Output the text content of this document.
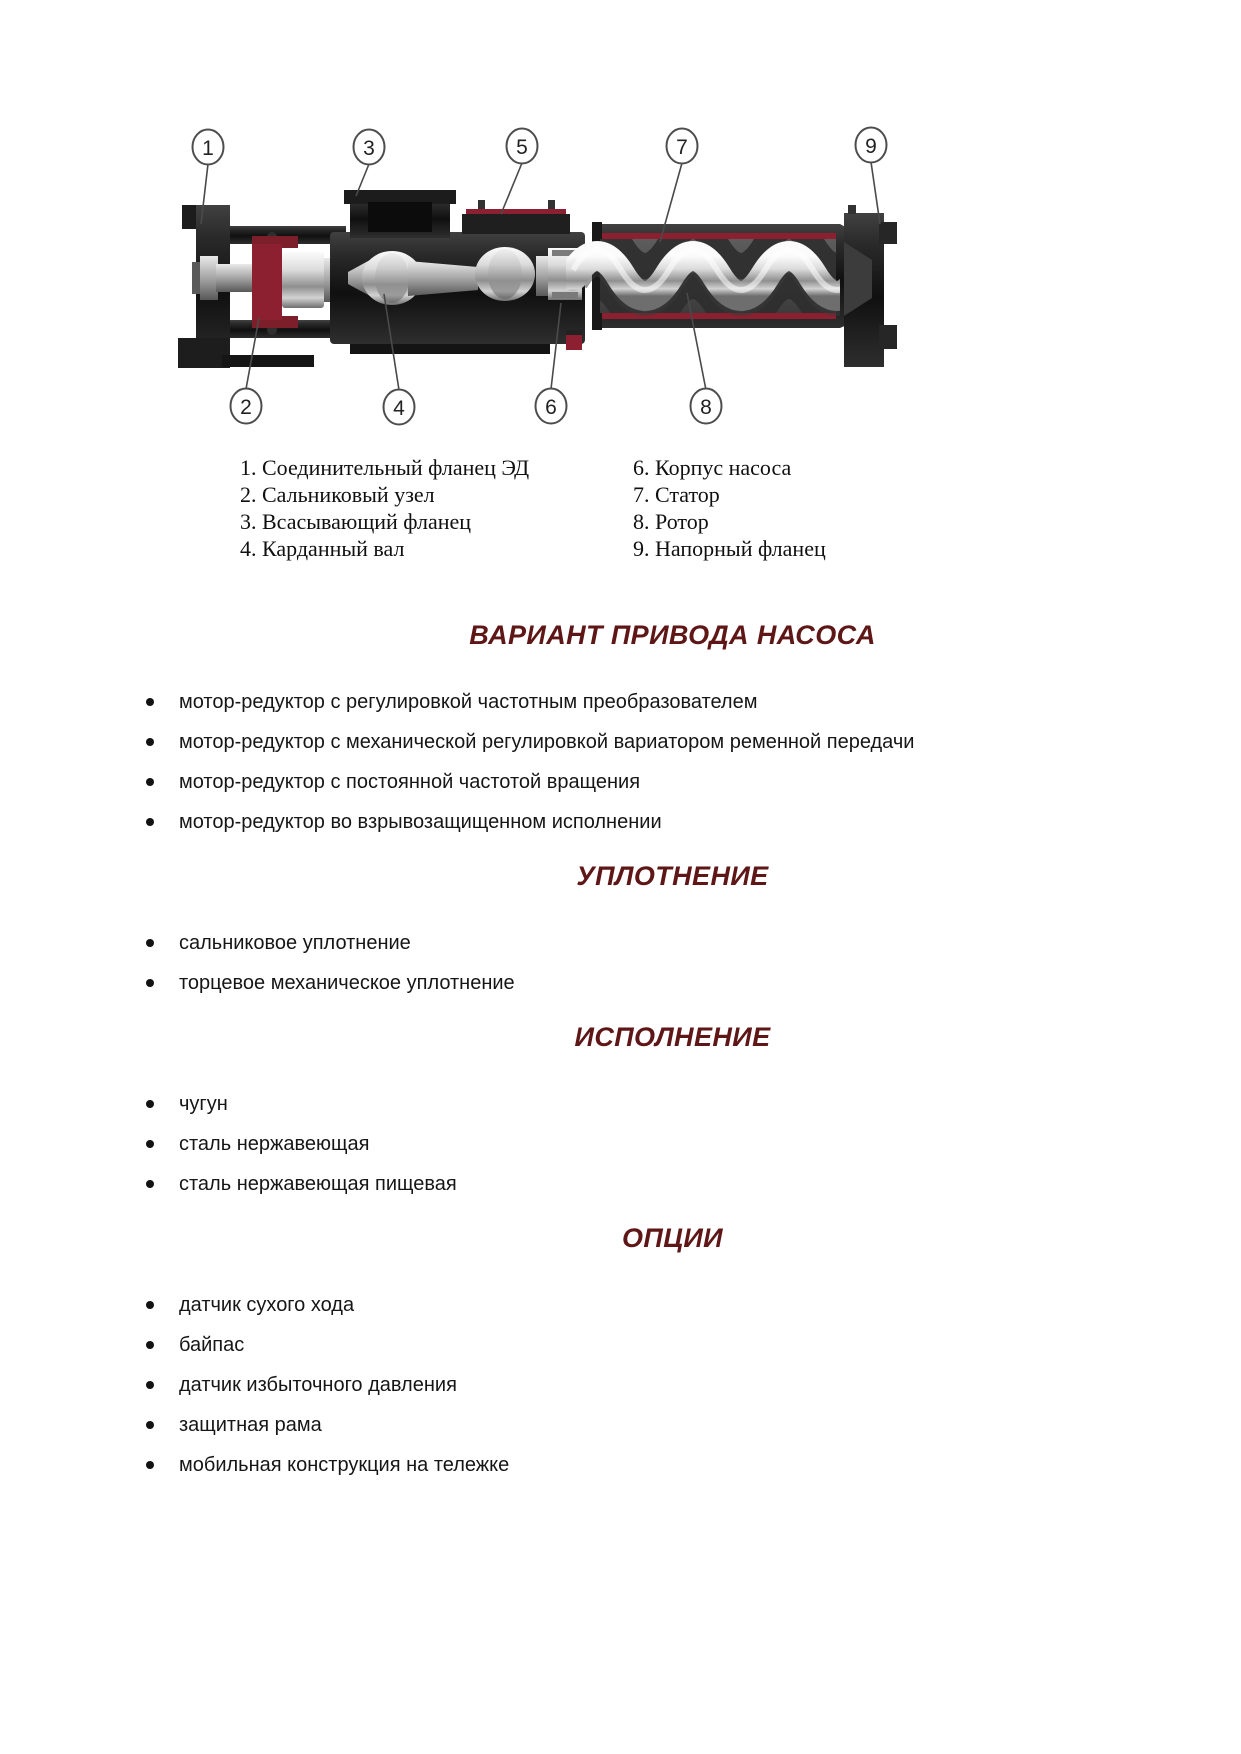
1	3	5	7	9
2	4	6	8
1. Соединительный фланец ЭД
2. Сальниковый узел
3. Всасывающий фланец
4. Карданный вал
6. Корпус насоса
7. Статор
8. Ротор
9. Напорный фланец
ВАРИАНТ ПРИВОДА НАСОСА
мотор-редуктор с регулировкой частотным преобразователем
мотор-редуктор с механической регулировкой вариатором ременной передачи
мотор-редуктор с постоянной частотой вращения
мотор-редуктор во взрывозащищенном исполнении
УПЛОТНЕНИЕ
сальниковое уплотнение
торцевое механическое уплотнение
ИСПОЛНЕНИЕ
чугун
сталь нержавеющая
сталь нержавеющая пищевая
ОПЦИИ
датчик сухого хода
байпас
датчик избыточного давления
защитная рама
мобильная конструкция на тележке
